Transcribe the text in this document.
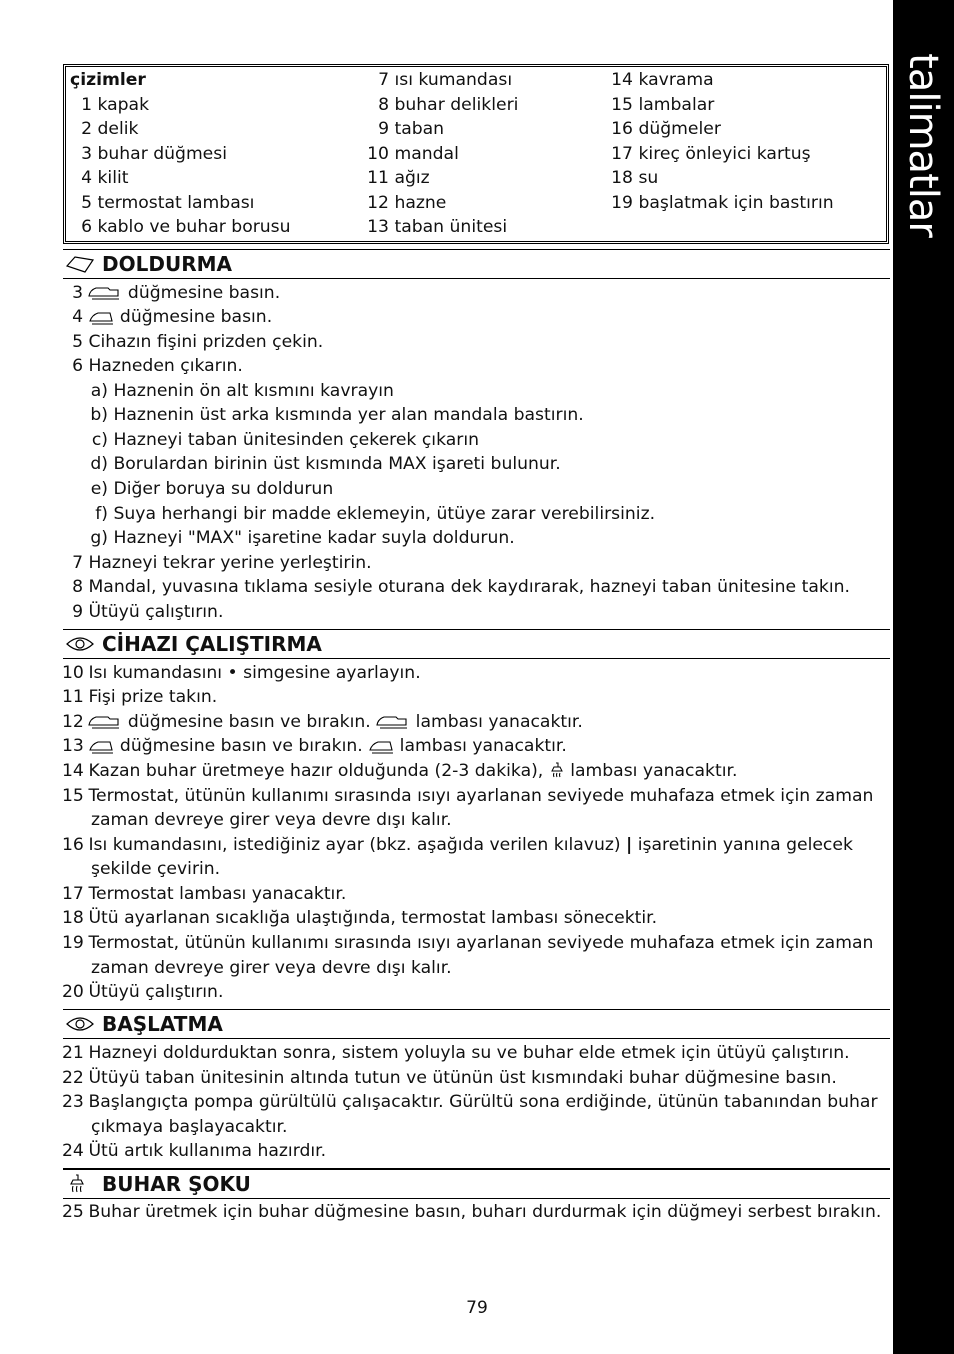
talimatlar
çizimler
1 kapak
2 delik
3 buhar düğmesi
4 kilit
5 termostat lambası
6 kablo ve buhar borusu
7 ısı kumandası
8 buhar delikleri
9 taban
10 mandal
11 ağız
12 hazne
13 taban ünitesi
14 kavrama
15 lambalar
16 düğmeler
17 kireç önleyici kartuş
18 su
19 başlatmak için bastırın
DOLDURMA
3  düğmesine basın.
4  düğmesine basın.
5 Cihazın fişini prizden çekin.
6 Hazneden çıkarın.
a) Haznenin ön alt kısmını kavrayın
b) Haznenin üst arka kısmında yer alan mandala bastırın.
c) Hazneyi taban ünitesinden çekerek çıkarın
d) Borulardan birinin üst kısmında MAX işareti bulunur.
e) Diğer boruya su doldurun
f) Suya herhangi bir madde eklemeyin, ütüye zarar verebilirsiniz.
g) Hazneyi "MAX" işaretine kadar suyla doldurun.
7 Hazneyi tekrar yerine yerleştirin.
8 Mandal, yuvasına tıklama sesiyle oturana dek kaydırarak, hazneyi taban ünitesine takın.
9 Ütüyü çalıştırın.
CİHAZI ÇALIŞTIRMA
10 Isı kumandasını • simgesine ayarlayın.
11 Fişi prize takın.
12  düğmesine basın ve bırakın.  lambası yanacaktır.
13  düğmesine basın ve bırakın.  lambası yanacaktır.
14 Kazan buhar üretmeye hazır olduğunda (2-3 dakika),  lambası yanacaktır.
15 Termostat, ütünün kullanımı sırasında ısıyı ayarlanan seviyede muhafaza etmek için zaman
zaman devreye girer veya devre dışı kalır.
16 Isı kumandasını, istediğiniz ayar (bkz. aşağıda verilen kılavuz) | işaretinin yanına gelecek
şekilde çevirin.
17 Termostat lambası yanacaktır.
18 Ütü ayarlanan sıcaklığa ulaştığında, termostat lambası sönecektir.
19 Termostat, ütünün kullanımı sırasında ısıyı ayarlanan seviyede muhafaza etmek için zaman
zaman devreye girer veya devre dışı kalır.
20 Ütüyü çalıştırın.
BAŞLATMA
21 Hazneyi doldurduktan sonra, sistem yoluyla su ve buhar elde etmek için ütüyü çalıştırın.
22 Ütüyü taban ünitesinin altında tutun ve ütünün üst kısmındaki buhar düğmesine basın.
23 Başlangıçta pompa gürültülü çalışacaktır. Gürültü sona erdiğinde, ütünün tabanından buhar
çıkmaya başlayacaktır.
24 Ütü artık kullanıma hazırdır.
BUHAR ŞOKU
25 Buhar üretmek için buhar düğmesine basın, buharı durdurmak için düğmeyi serbest bırakın.
79
